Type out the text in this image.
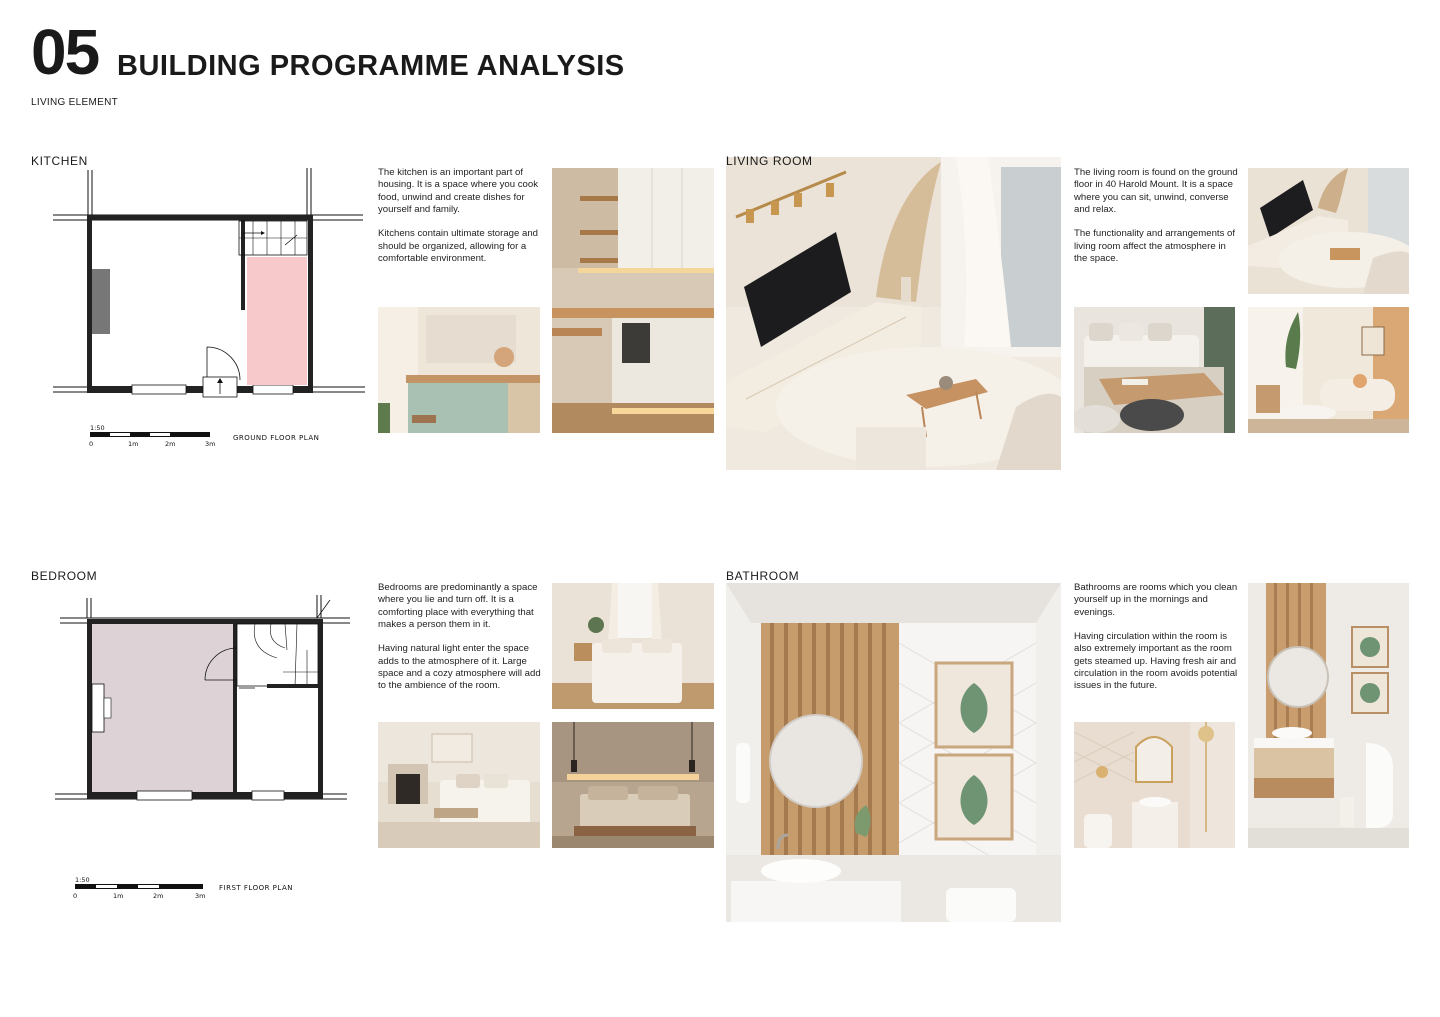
05 BUILDING PROGRAMME ANALYSIS
LIVING ELEMENT
KITCHEN
1:50
0	1m	2m	3m
GROUND FLOOR PLAN

The kitchen is an important part of housing. It is a space where you cook food, unwind and create dishes for yourself and family.

Kitchens contain ultimate storage and should be organized, allowing for a comfortable environment.

LIVING ROOM

The living room is found on the ground floor in 40 Harold Mount. It is a space where you can sit, unwind, converse and relax.

The functionality and arrangements of living room affect the atmosphere in the space.

BEDROOM
1:50
0	1m	2m	3m
FIRST FLOOR PLAN

Bedrooms are predominantly a space where you lie and turn off. It is a comforting place with everything that makes a person them in it.

Having natural light enter the space adds to the atmosphere of it. Large space and a cozy atmosphere will add to the ambience of the room.

BATHROOM

Bathrooms are rooms which you clean yourself up in the mornings and evenings.

Having circulation within the room is also extremely important as the room gets steamed up. Having fresh air and circulation in the room avoids potential issues in the future.
